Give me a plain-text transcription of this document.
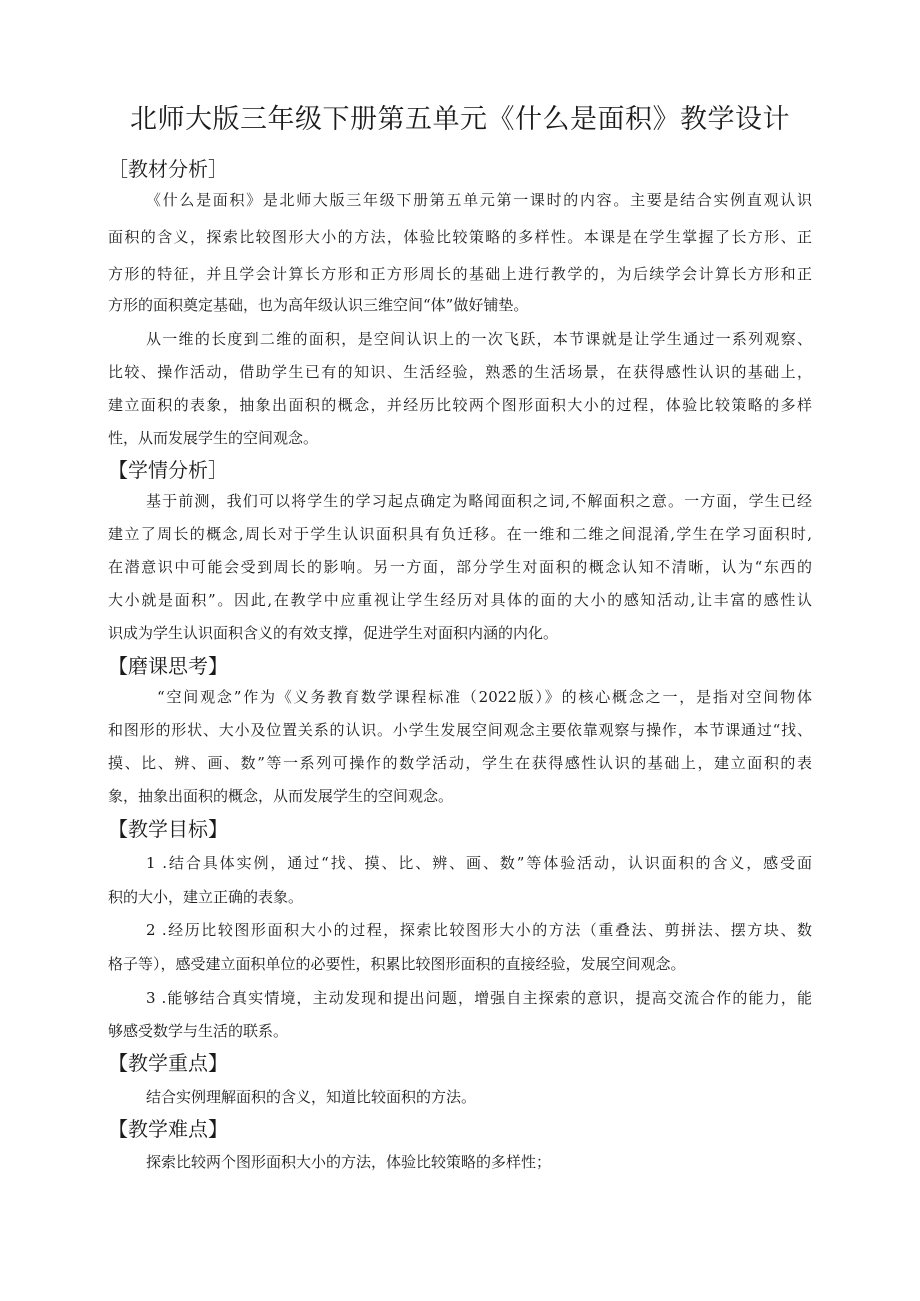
北师大版三年级下册第五单元《什么是面积》教学设计
［教材分析］
《什么是面积》是北师大版三年级下册第五单元第一课时的内容。主要是结合实例直观认识
面积的含义，探索比较图形大小的方法，体验比较策略的多样性。本课是在学生掌握了长方形、正
方形的特征，并且学会计算长方形和正方形周长的基础上进行教学的，为后续学会计算长方形和正
方形的面积奠定基础，也为高年级认识三维空间“体”做好铺垫。
从一维的长度到二维的面积，是空间认识上的一次飞跃，本节课就是让学生通过一系列观察、
比较、操作活动，借助学生已有的知识、生活经验，熟悉的生活场景，在获得感性认识的基础上，
建立面积的表象，抽象出面积的概念，并经历比较两个图形面积大小的过程，体验比较策略的多样
性，从而发展学生的空间观念。
【学情分析］
基于前测，我们可以将学生的学习起点确定为略闻面积之词,不解面积之意。一方面，学生已经
建立了周长的概念,周长对于学生认识面积具有负迁移。在一维和二维之间混淆,学生在学习面积时,
在潜意识中可能会受到周长的影响。另一方面，部分学生对面积的概念认知不清晰，认为“东西的
大小就是面积”。因此,在教学中应重视让学生经历对具体的面的大小的感知活动,让丰富的感性认
识成为学生认识面积含义的有效支撑，促进学生对面积内涵的内化。
【磨课思考】
“空间观念”作为《义务教育数学课程标准（2022版）》的核心概念之一，是指对空间物体
和图形的形状、大小及位置关系的认识。小学生发展空间观念主要依靠观察与操作，本节课通过“找、
摸、比、辨、画、数”等一系列可操作的数学活动，学生在获得感性认识的基础上，建立面积的表
象，抽象出面积的概念，从而发展学生的空间观念。
【教学目标】
1 .结合具体实例，通过“找、摸、比、辨、画、数”等体验活动，认识面积的含义，感受面
积的大小，建立正确的表象。
2 .经历比较图形面积大小的过程，探索比较图形大小的方法（重叠法、剪拼法、摆方块、数
格子等），感受建立面积单位的必要性，积累比较图形面积的直接经验，发展空间观念。
3 .能够结合真实情境，主动发现和提出问题，增强自主探索的意识，提高交流合作的能力，能
够感受数学与生活的联系。
【教学重点】
结合实例理解面积的含义，知道比较面积的方法。
【教学难点】
探索比较两个图形面积大小的方法，体验比较策略的多样性；
